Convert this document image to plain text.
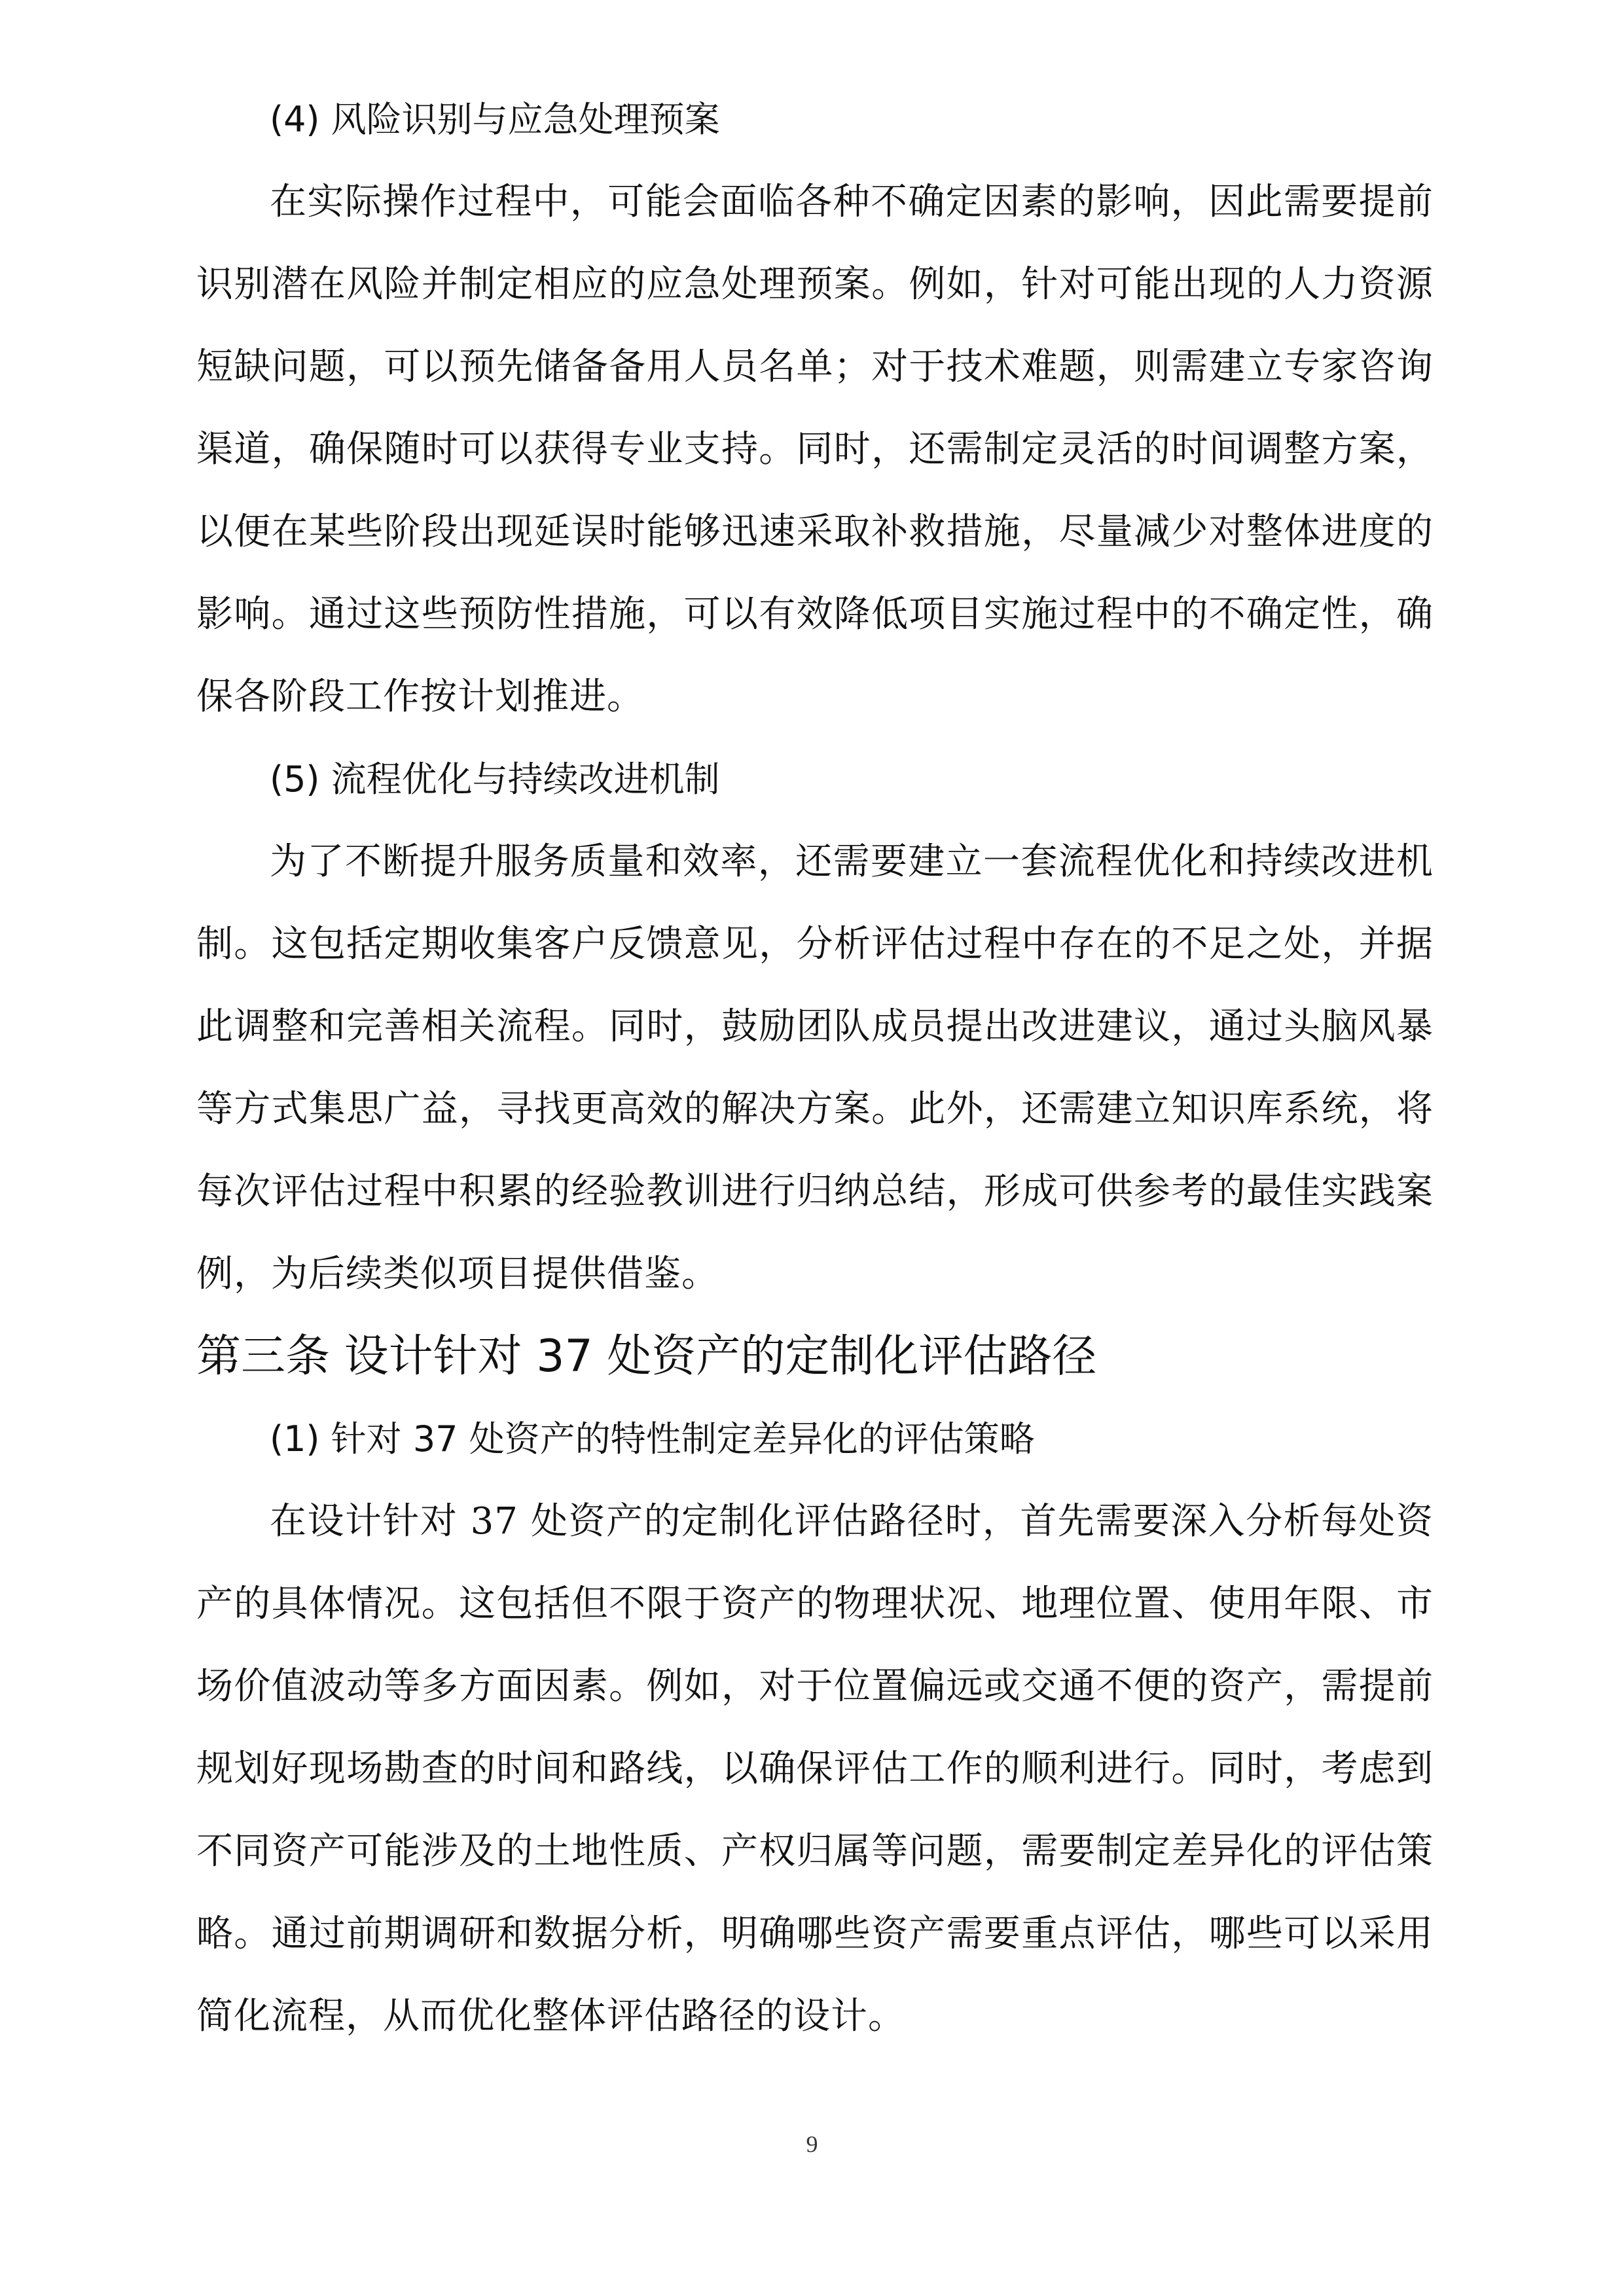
(4) 风险识别与应急处理预案

在实际操作过程中，可能会面临各种不确定因素的影响，因此需要提前识别潜在风险并制定相应的应急处理预案。例如，针对可能出现的人力资源短缺问题，可以预先储备备用人员名单；对于技术难题，则需建立专家咨询渠道，确保随时可以获得专业支持。同时，还需制定灵活的时间调整方案，以便在某些阶段出现延误时能够迅速采取补救措施，尽量减少对整体进度的影响。通过这些预防性措施，可以有效降低项目实施过程中的不确定性，确保各阶段工作按计划推进。

(5) 流程优化与持续改进机制

为了不断提升服务质量和效率，还需要建立一套流程优化和持续改进机制。这包括定期收集客户反馈意见，分析评估过程中存在的不足之处，并据此调整和完善相关流程。同时，鼓励团队成员提出改进建议，通过头脑风暴等方式集思广益，寻找更高效的解决方案。此外，还需建立知识库系统，将每次评估过程中积累的经验教训进行归纳总结，形成可供参考的最佳实践案例，为后续类似项目提供借鉴。

第三条 设计针对 37 处资产的定制化评估路径

(1) 针对 37 处资产的特性制定差异化的评估策略

在设计针对 37 处资产的定制化评估路径时，首先需要深入分析每处资产的具体情况。这包括但不限于资产的物理状况、地理位置、使用年限、市场价值波动等多方面因素。例如，对于位置偏远或交通不便的资产，需提前规划好现场勘查的时间和路线，以确保评估工作的顺利进行。同时，考虑到不同资产可能涉及的土地性质、产权归属等问题，需要制定差异化的评估策略。通过前期调研和数据分析，明确哪些资产需要重点评估，哪些可以采用简化流程，从而优化整体评估路径的设计。

9
